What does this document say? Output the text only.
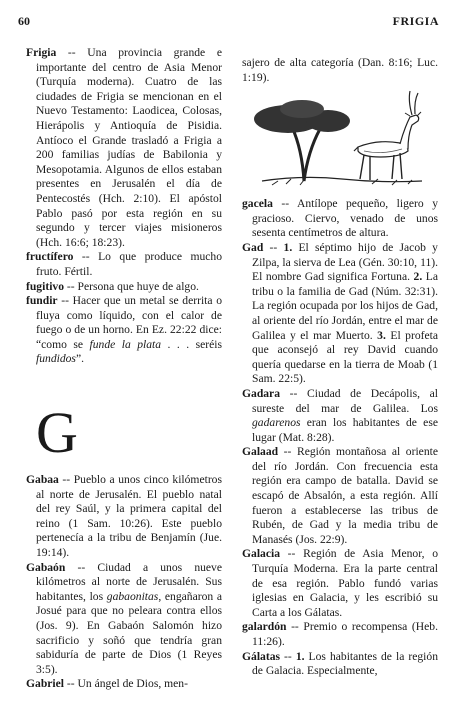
60	FRIGIA

Frigia -- Una provincia grande e importante del centro de Asia Menor (Turquía moderna). Cuatro de las ciudades de Frigia se mencionan en el Nuevo Testamento: Laodicea, Colosas, Hierápolis y Antioquía de Pisidia. Antíoco el Grande trasladó a Frigia a 200 familias judías de Babilonia y Mesopotamia. Algunos de ellos estaban presentes en Jerusalén el día de Pentecostés (Hch. 2:10). El apóstol Pablo pasó por esta región en su segundo y tercer viajes misioneros (Hch. 16:6; 18:23).

fructífero -- Lo que produce mucho fruto. Fértil.

fugitivo -- Persona que huye de algo.

fundir -- Hacer que un metal se derrita o fluya como líquido, con el calor de fuego o de un horno. En Ez. 22:22 dice: “como se funde la plata . . . seréis fundidos”.

G

Gabaa -- Pueblo a unos cinco kilómetros al norte de Jerusalén. El pueblo natal del rey Saúl, y la primera capital del reino (1 Sam. 10:26). Este pueblo pertenecía a la tribu de Benjamín (Jue. 19:14).

Gabaón -- Ciudad a unos nueve kilómetros al norte de Jerusalén. Sus habitantes, los gabaonitas, engañaron a Josué para que no peleara contra ellos (Jos. 9). En Gabaón Salomón hizo sacrificio y soñó que tendría gran sabiduría de parte de Dios (1 Reyes 3:5).

Gabriel -- Un ángel de Dios, men-

sajero de alta categoría (Dan. 8:16; Luc. 1:19).

gacela -- Antílope pequeño, ligero y gracioso. Ciervo, venado de unos sesenta centímetros de altura.

Gad -- 1. El séptimo hijo de Jacob y Zilpa, la sierva de Lea (Gén. 30:10, 11). El nombre Gad significa Fortuna. 2. La tribu o la familia de Gad (Núm. 32:31). La región ocupada por los hijos de Gad, al oriente del río Jordán, entre el mar de Galilea y el mar Muerto. 3. El profeta que aconsejó al rey David cuando quería quedarse en la tierra de Moab (1 Sam. 22:5).

Gadara -- Ciudad de Decápolis, al sureste del mar de Galilea. Los gadarenos eran los habitantes de ese lugar (Mat. 8:28).

Galaad -- Región montañosa al oriente del río Jordán. Con frecuencia esta región era campo de batalla. David se escapó de Absalón, a esta región. Allí fueron a establecerse las tribus de Rubén, de Gad y la media tribu de Manasés (Jos. 22:9).

Galacia -- Región de Asia Menor, o Turquía Moderna. Era la parte central de esa región. Pablo fundó varias iglesias en Galacia, y les escribió su Carta a los Gálatas.

galardón -- Premio o recompensa (Heb. 11:26).

Gálatas -- 1. Los habitantes de la región de Galacia. Especialmente,
